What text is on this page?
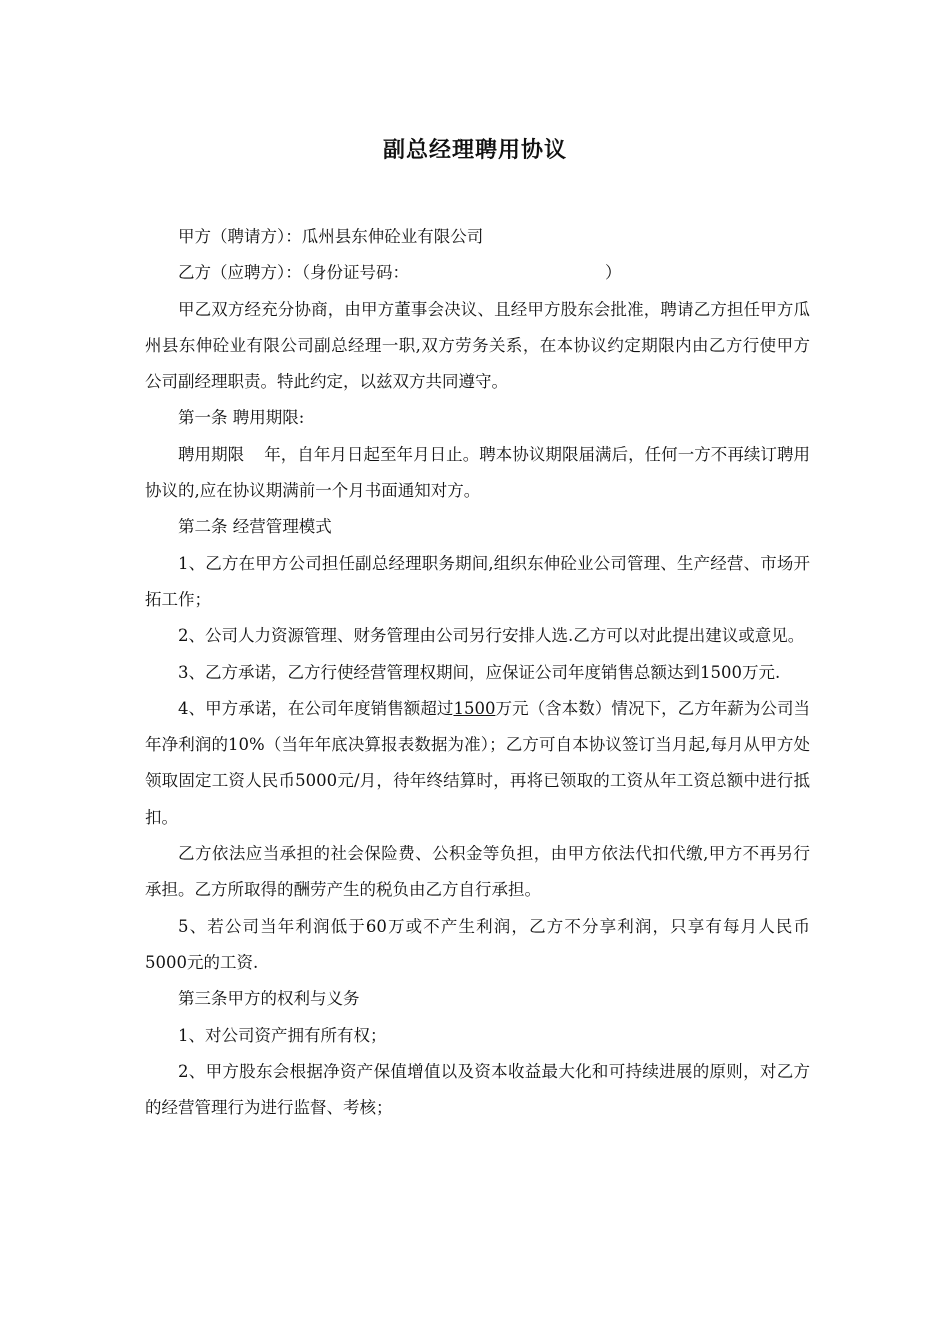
副总经理聘用协议

甲方（聘请方）：瓜州县东伸砼业有限公司

乙方（应聘方）：（身份证号码：	）

甲乙双方经充分协商，由甲方董事会决议、且经甲方股东会批准，聘请乙方担任甲方瓜州县东伸砼业有限公司副总经理一职,双方劳务关系，在本协议约定期限内由乙方行使甲方公司副经理职责。特此约定，以兹双方共同遵守。

第一条 聘用期限:

聘用期限 年，自年月日起至年月日止。聘本协议期限届满后，任何一方不再续订聘用协议的,应在协议期满前一个月书面通知对方。

第二条 经营管理模式

1、乙方在甲方公司担任副总经理职务期间,组织东伸砼业公司管理、生产经营、市场开拓工作；

2、公司人力资源管理、财务管理由公司另行安排人选.乙方可以对此提出建议或意见。

3、乙方承诺，乙方行使经营管理权期间，应保证公司年度销售总额达到1500万元.

4、甲方承诺，在公司年度销售额超过1500万元（含本数）情况下，乙方年薪为公司当年净利润的10%（当年年底决算报表数据为准）；乙方可自本协议签订当月起,每月从甲方处领取固定工资人民币5000元/月，待年终结算时，再将已领取的工资从年工资总额中进行抵扣。

乙方依法应当承担的社会保险费、公积金等负担，由甲方依法代扣代缴,甲方不再另行承担。乙方所取得的酬劳产生的税负由乙方自行承担。

5、若公司当年利润低于60万或不产生利润，乙方不分享利润，只享有每月人民币5000元的工资.

第三条甲方的权利与义务

1、对公司资产拥有所有权；

2、甲方股东会根据净资产保值增值以及资本收益最大化和可持续进展的原则，对乙方的经营管理行为进行监督、考核；
